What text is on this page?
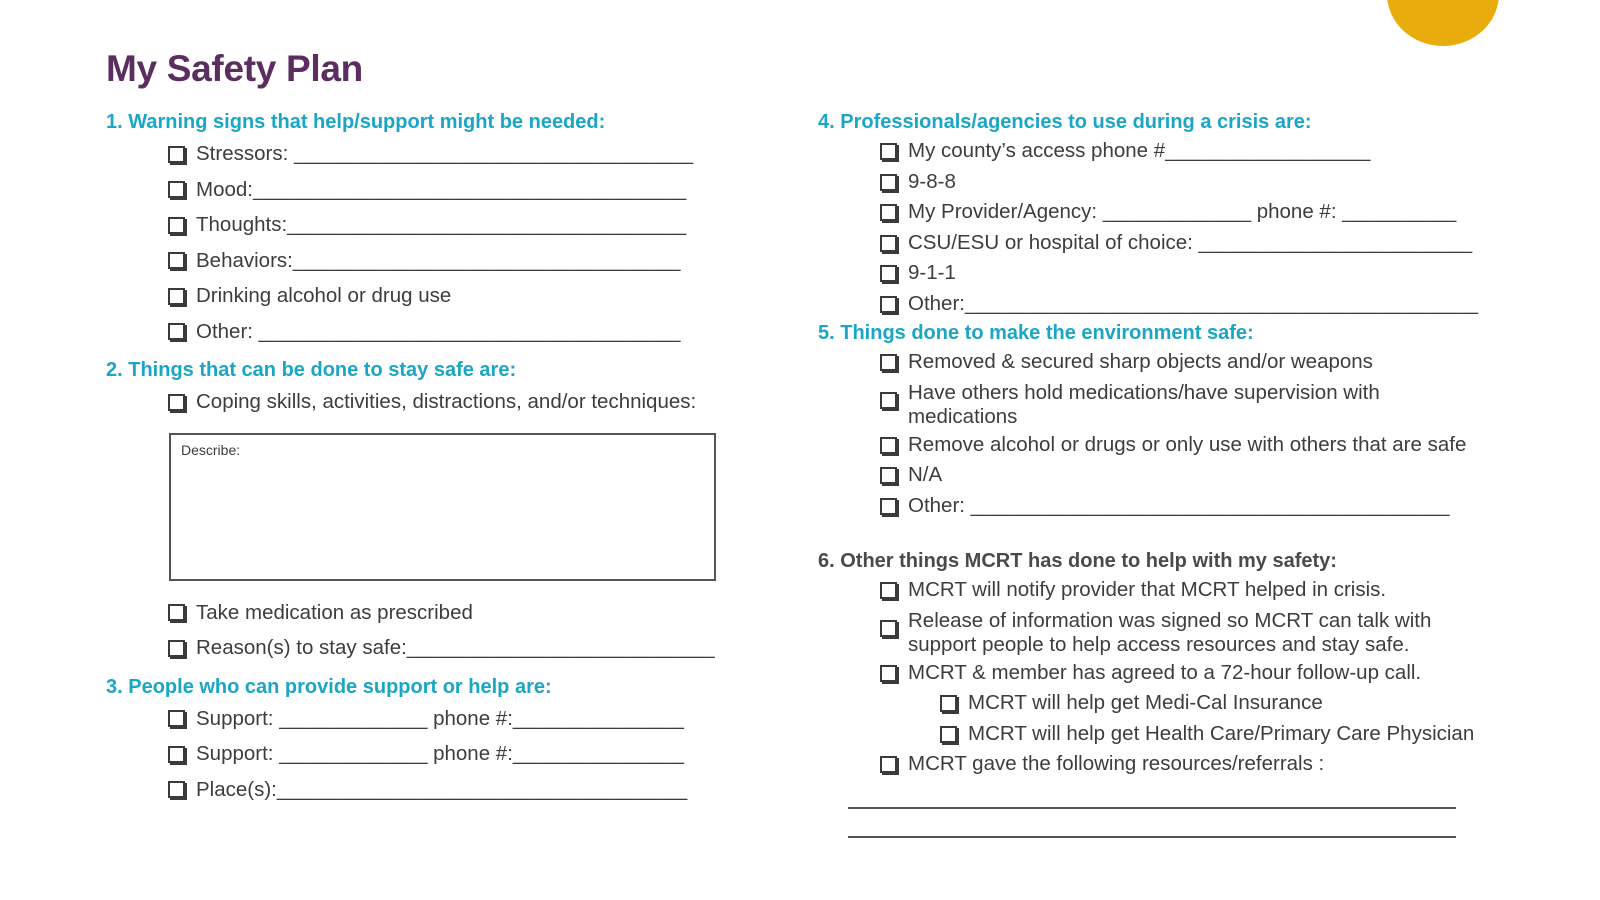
My Safety Plan
1. Warning signs that help/support might be needed:
Stressors: ___________________________________
Mood:______________________________________
Thoughts:___________________________________
Behaviors:__________________________________
Drinking alcohol or drug use
Other: _____________________________________
2. Things that can be done to stay safe are:
Coping skills, activities, distractions, and/or techniques:
Describe:
Take medication as prescribed
Reason(s) to stay safe:___________________________
3. People who can provide support or help are:
Support: _____________ phone #:_______________
Support: _____________ phone #:_______________
Place(s):____________________________________
4. Professionals/agencies to use during a crisis are:
My county’s access phone #__________________
9-8-8
My Provider/Agency: _____________ phone #: __________
CSU/ESU or hospital of choice: ________________________
9-1-1
Other:_____________________________________________
5. Things done to make the environment safe:
Removed & secured sharp objects and/or weapons
Have others hold medications/have supervision with medications
Remove alcohol or drugs or only use with others that are safe
N/A
Other: __________________________________________
6. Other things MCRT has done to help with my safety:
MCRT will notify provider that MCRT helped in crisis.
Release of information was signed so MCRT can talk with support people to help access resources and stay safe.
MCRT & member has agreed to a 72-hour follow-up call.
MCRT will help get Medi-Cal Insurance
MCRT will help get Health Care/Primary Care Physician
MCRT gave the following resources/referrals :
